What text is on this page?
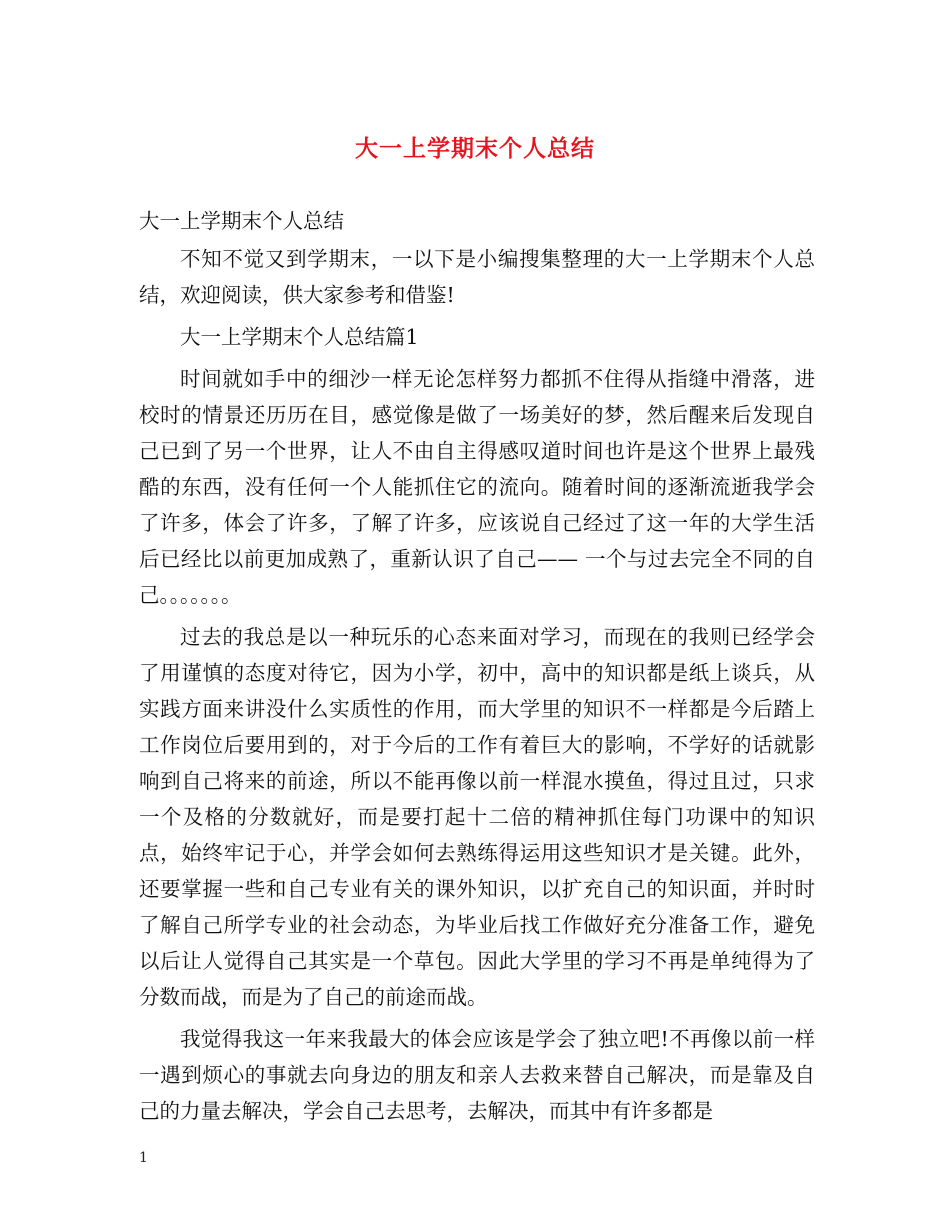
大一上学期末个人总结

大一上学期末个人总结

不知不觉又到学期末，一以下是小编搜集整理的大一上学期末个人总结，欢迎阅读，供大家参考和借鉴!

大一上学期末个人总结篇1

时间就如手中的细沙一样无论怎样努力都抓不住得从指缝中滑落，进校时的情景还历历在目，感觉像是做了一场美好的梦，然后醒来后发现自己已到了另一个世界，让人不由自主得感叹道时间也许是这个世界上最残酷的东西，没有任何一个人能抓住它的流向。随着时间的逐渐流逝我学会了许多，体会了许多，了解了许多，应该说自己经过了这一年的大学生活后已经比以前更加成熟了，重新认识了自己—— 一个与过去完全不同的自己。。。。。。。

过去的我总是以一种玩乐的心态来面对学习，而现在的我则已经学会了用谨慎的态度对待它，因为小学，初中，高中的知识都是纸上谈兵，从实践方面来讲没什么实质性的作用，而大学里的知识不一样都是今后踏上工作岗位后要用到的，对于今后的工作有着巨大的影响，不学好的话就影响到自己将来的前途，所以不能再像以前一样混水摸鱼，得过且过，只求一个及格的分数就好，而是要打起十二倍的精神抓住每门功课中的知识点，始终牢记于心，并学会如何去熟练得运用这些知识才是关键。此外， 还要掌握一些和自己专业有关的课外知识，以扩充自己的知识面，并时时了解自己所学专业的社会动态，为毕业后找工作做好充分准备工作，避免以后让人觉得自己其实是一个草包。因此大学里的学习不再是单纯得为了分数而战，而是为了自己的前途而战。

我觉得我这一年来我最大的体会应该是学会了独立吧!不再像以前一样一遇到烦心的事就去向身边的朋友和亲人去救来替自己解决，而是靠及自己的力量去解决，学会自己去思考，去解决，而其中有许多都是

1
